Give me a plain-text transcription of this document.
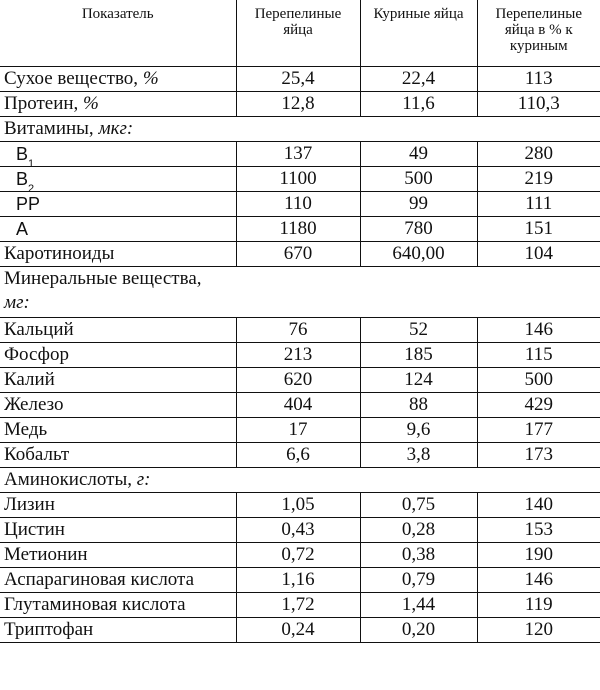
Показатель	Перепелиные яйца	Куриные яйца	Перепелиные яйца в % к куриным
Сухое вещество, %	25,4	22,4	113
Протеин, %	12,8	11,6	110,3
Витамины, мкг:			
$B_1$	137	49	280
$B_2$	1100	500	219
PP	110	99	111
A	1180	780	151
Каротиноиды	670	640,00	104
Минеральные вещества, мг:			
Кальций	76	52	146
Фосфор	213	185	115
Калий	620	124	500
Железо	404	88	429
Медь	17	9,6	177
Кобальт	6,6	3,8	173
Аминокислоты, г:			
Лизин	1,05	0,75	140
Цистин	0,43	0,28	153
Метионин	0,72	0,38	190
Аспарагиновая кислота	1,16	0,79	146
Глутаминовая кислота	1,72	1,44	119
Триптофан	0,24	0,20	120
